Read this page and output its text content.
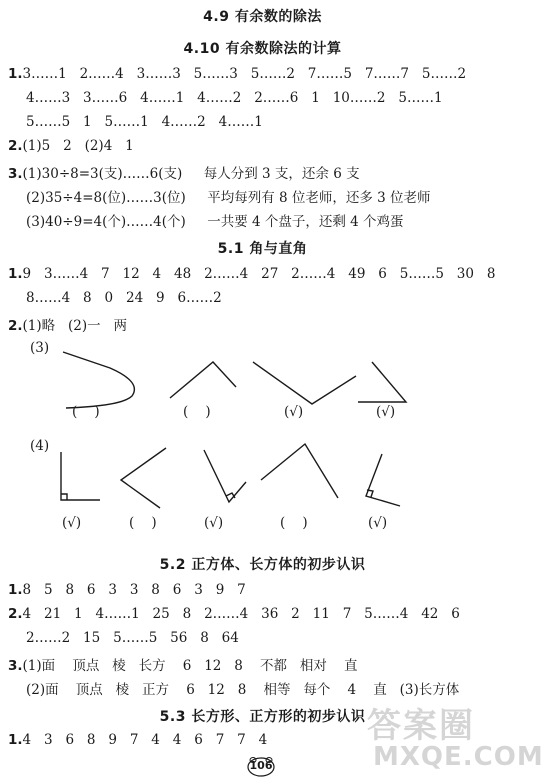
4.9 有余数的除法
4.10 有余数除法的计算
1.3……1   2……4   3……3   5……3   5……2   7……5   7……7   5……2
4……3   3……6   4……1   4……2   2……6   1   10……2   5……1
5……5   1   5……1   4……2   4……1
2.(1)5   2   (2)4   1
3.(1)30÷8=3(支)……6(支)     每人分到 3 支，还余 6 支
(2)35÷4=8(位)……3(位)     平均每列有 8 位老师，还多 3 位老师
(3)40÷9=4(个)……4(个)     一共要 4 个盘子，还剩 4 个鸡蛋
5.1 角与直角
1.9   3……4   7   12   4   48   2……4   27   2……4   49   6   5……5   30   8
8……4   8   0   24   9   6……2
2.(1)略   (2)一   两
(3)
(    )	(    )	(√)	(√)
(4)
(√)	(    )	(√)	(    )	(√)
5.2 正方体、长方体的初步认识
1.8   5   8   6   3   3   8   6   3   9   7
2.4   21   1   4……1   25   8   2……4   36   2   11   7   5……4   42   6
2……2   15   5……5   56   8   64
3.(1)面    顶点   棱   长方    6   12   8    不都   相对    直
(2)面    顶点   棱   正方    6   12   8    相等   每个    4    直   (3)长方体
5.3 长方形、正方形的初步认识
1.4   3   6   8   9   7   4   4   6   7   7   4
106
答案圈
MXQE.COM
